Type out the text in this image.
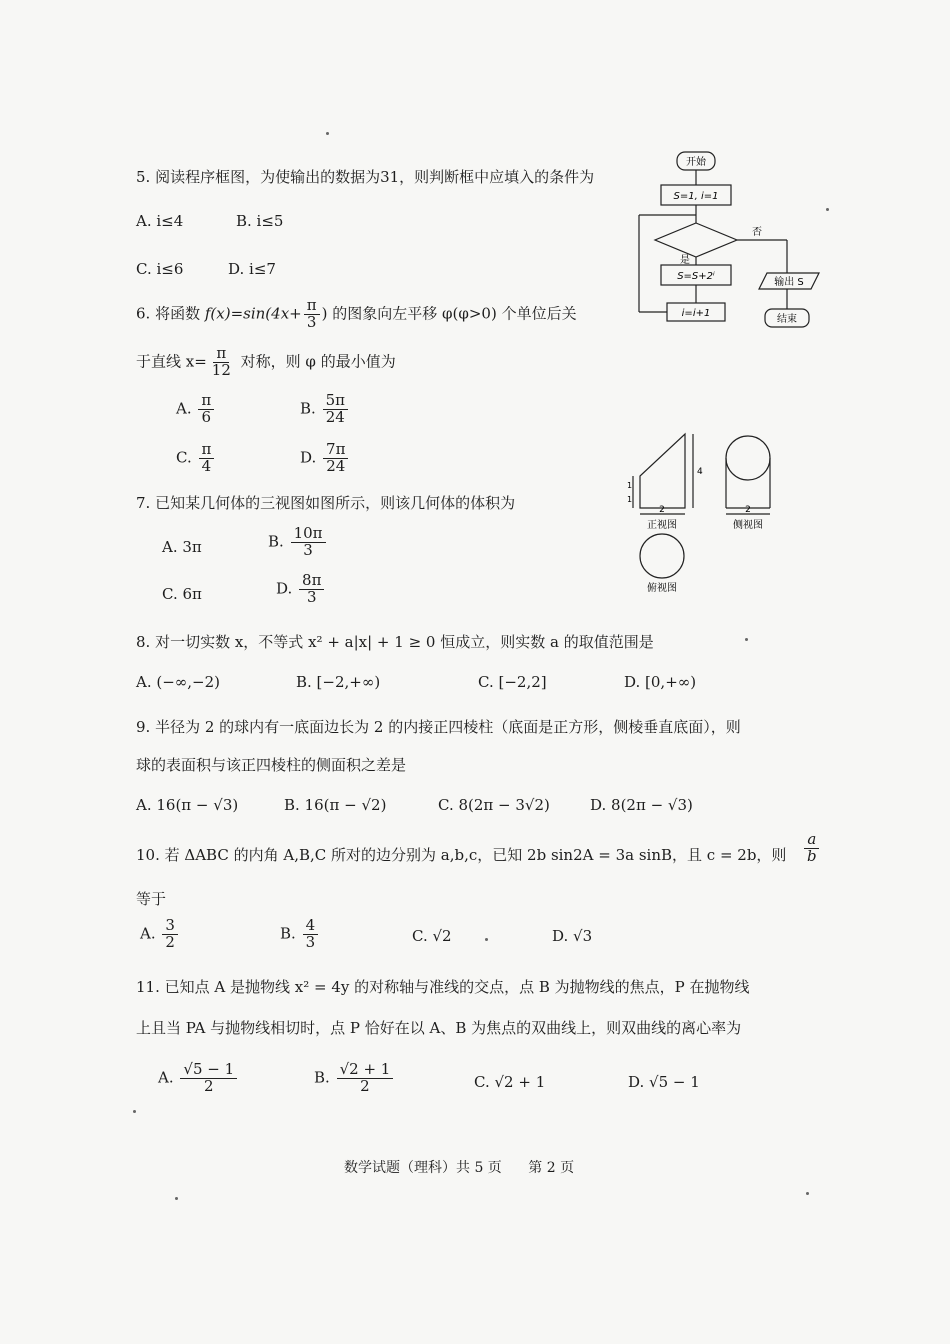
5. 阅读程序框图，为使输出的数据为31，则判断框中应填入的条件为
A. i≤4	B. i≤5
C. i≤6	D. i≤7
开始
S=1, i=1
否
是
S=S+2ⁱ
i=i+1
输出 S
结束
6. 将函数 $f(x)=\sin(4x+ \frac{\pi}{3}$ ) 的图象向左平移 φ(φ>0) 个单位后关
于直线 $x= \frac{\pi}{12}$ 对称，则 φ 的最小值为
A. $\frac{\pi}{6}$	B. $\frac{5\pi}{24}$
C. $\frac{\pi}{4}$	D. $\frac{7\pi}{24}$
2	2
4
1
1
正视图	侧视图
俯视图
7. 已知某几何体的三视图如图所示，则该几何体的体积为
A. 3π	B. $\frac{10\pi}{3}$
C. 6π	D. $\frac{8\pi}{3}$
8. 对一切实数 x，不等式 x² + a|x| + 1 ≥ 0 恒成立，则实数 a 的取值范围是
A. (−∞,−2)	B. [−2,+∞)	C. [−2,2]	D. [0,+∞)
9. 半径为 2 的球内有一底面边长为 2 的内接正四棱柱（底面是正方形，侧棱垂直底面），则
球的表面积与该正四棱柱的侧面积之差是
A. 16(π − √3)	B. 16(π − √2)	C. 8(2π − 3√2)	D. 8(2π − √3)
10. 若 ΔABC 的内角 A,B,C 所对的边分别为 a,b,c，已知 2b sin2A = 3a sinB，且 c = 2b，则 $\frac{a}{b}$
等于
A. $\frac{3}{2}$	B. $\frac{4}{3}$	C. √2	D. √3
11. 已知点 A 是抛物线 x² = 4y 的对称轴与准线的交点，点 B 为抛物线的焦点，P 在抛物线
上且当 PA 与抛物线相切时，点 P 恰好在以 A、B 为焦点的双曲线上，则双曲线的离心率为
A. $\frac{√5 - 1}{2}$	B. $\frac{√2 + 1}{2}$	C. √2 + 1	D. √5 − 1
数学试题（理科）共 5 页 第 2 页
